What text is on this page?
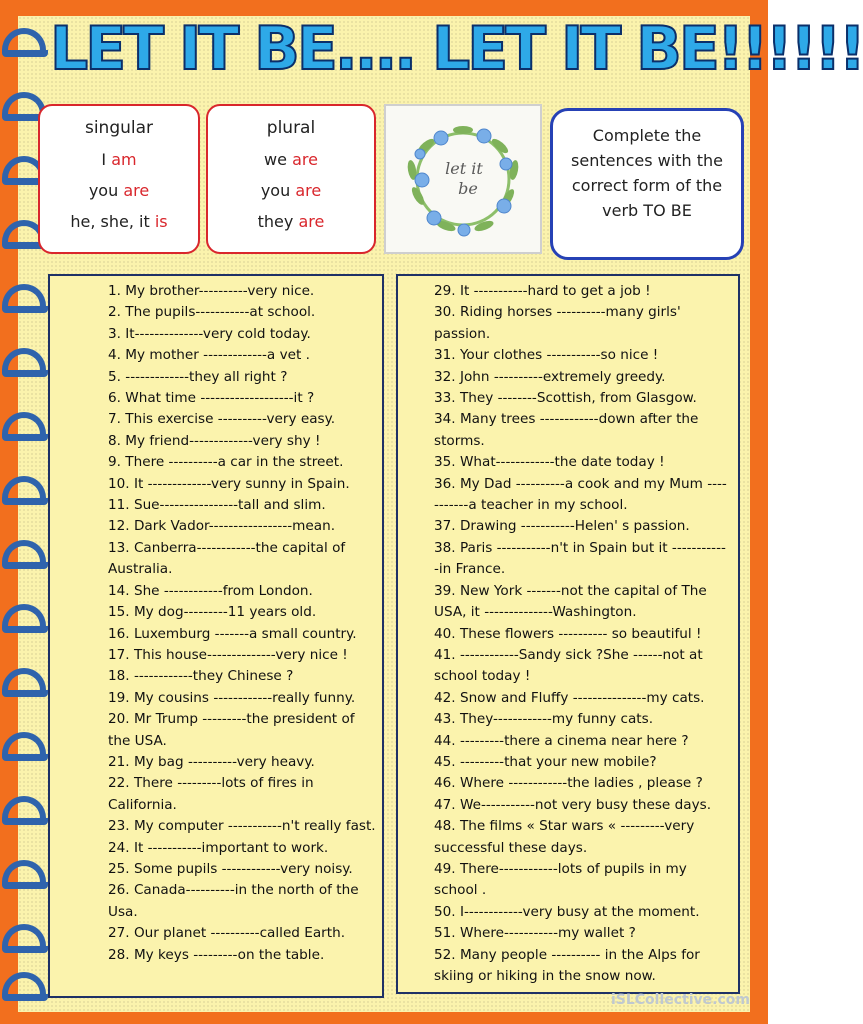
LET IT BE.... LET IT BE!!!!!!
singular
I am
you are
he, she, it is
plural
we are
you are
they are
let it
be
Complete the sentences with the correct form of the verb TO BE
1. My brother----------very nice.
2. The pupils-----------at school.
3. It--------------very cold today.
4. My mother -------------a vet .
5. -------------they all right ?
6. What time -------------------it ?
7. This exercise ----------very easy.
8. My friend-------------very shy !
9. There ----------a car in the street.
10. It -------------very sunny in Spain.
11. Sue----------------tall and slim.
12. Dark Vador-----------------mean.
13. Canberra------------the capital of Australia.
14. She ------------from London.
15. My dog---------11 years old.
16. Luxemburg -------a small country.
17. This house--------------very nice !
18. ------------they Chinese ?
19. My cousins ------------really funny.
20. Mr Trump ---------the president of the USA.
21. My bag ----------very heavy.
22. There ---------lots of fires in California.
23. My computer -----------n't really fast.
24. It -----------important to work.
25. Some pupils ------------very noisy.
26. Canada----------in the north of the Usa.
27. Our planet ----------called Earth.
28. My keys ---------on the table.
29. It -----------hard to get a job !
30. Riding horses ----------many girls' passion.
31. Your clothes -----------so nice !
32. John ----------extremely greedy.
33. They --------Scottish, from Glasgow.
34. Many trees ------------down after the storms.
35. What------------the date today !
36. My Dad ----------a cook and my Mum -----------a teacher in my school.
37. Drawing -----------Helen' s passion.
38. Paris -----------n't in Spain but it ------------in France.
39. New York -------not the capital of The USA, it --------------Washington.
40. These flowers ---------- so beautiful !
41. ------------Sandy sick ?She ------not at school today !
42. Snow and Fluffy ---------------my cats.
43. They------------my funny cats.
44. ---------there a cinema near here ?
45. ---------that your new mobile?
46. Where ------------the ladies , please ?
47. We-----------not very busy these days.
48. The films « Star wars « ---------very successful these days.
49. There------------lots of pupils in my school .
50. I------------very busy at the moment.
51. Where-----------my wallet ?
52. Many people ---------- in the Alps for skiing or hiking in the snow now.
iSLCollective.com
